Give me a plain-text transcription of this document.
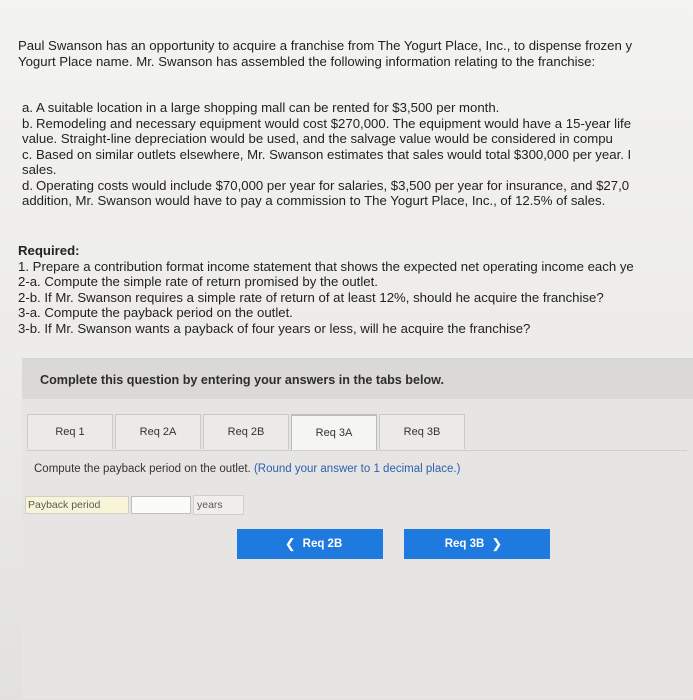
Paul Swanson has an opportunity to acquire a franchise from The Yogurt Place, Inc., to dispense frozen y
Yogurt Place name. Mr. Swanson has assembled the following information relating to the franchise:
a. A suitable location in a large shopping mall can be rented for $3,500 per month.
b. Remodeling and necessary equipment would cost $270,000. The equipment would have a 15-year life
value. Straight-line depreciation would be used, and the salvage value would be considered in compu
c. Based on similar outlets elsewhere, Mr. Swanson estimates that sales would total $300,000 per year. I
sales.
d. Operating costs would include $70,000 per year for salaries, $3,500 per year for insurance, and $27,0
addition, Mr. Swanson would have to pay a commission to The Yogurt Place, Inc., of 12.5% of sales.
Required:
1. Prepare a contribution format income statement that shows the expected net operating income each ye
2-a. Compute the simple rate of return promised by the outlet.
2-b. If Mr. Swanson requires a simple rate of return of at least 12%, should he acquire the franchise?
3-a. Compute the payback period on the outlet.
3-b. If Mr. Swanson wants a payback of four years or less, will he acquire the franchise?
Complete this question by entering your answers in the tabs below.
Req 1	Req 2A	Req 2B	Req 3A	Req 3B
Compute the payback period on the outlet. (Round your answer to 1 decimal place.)
Payback period	years
❮ Req 2B	Req 3B ❯
